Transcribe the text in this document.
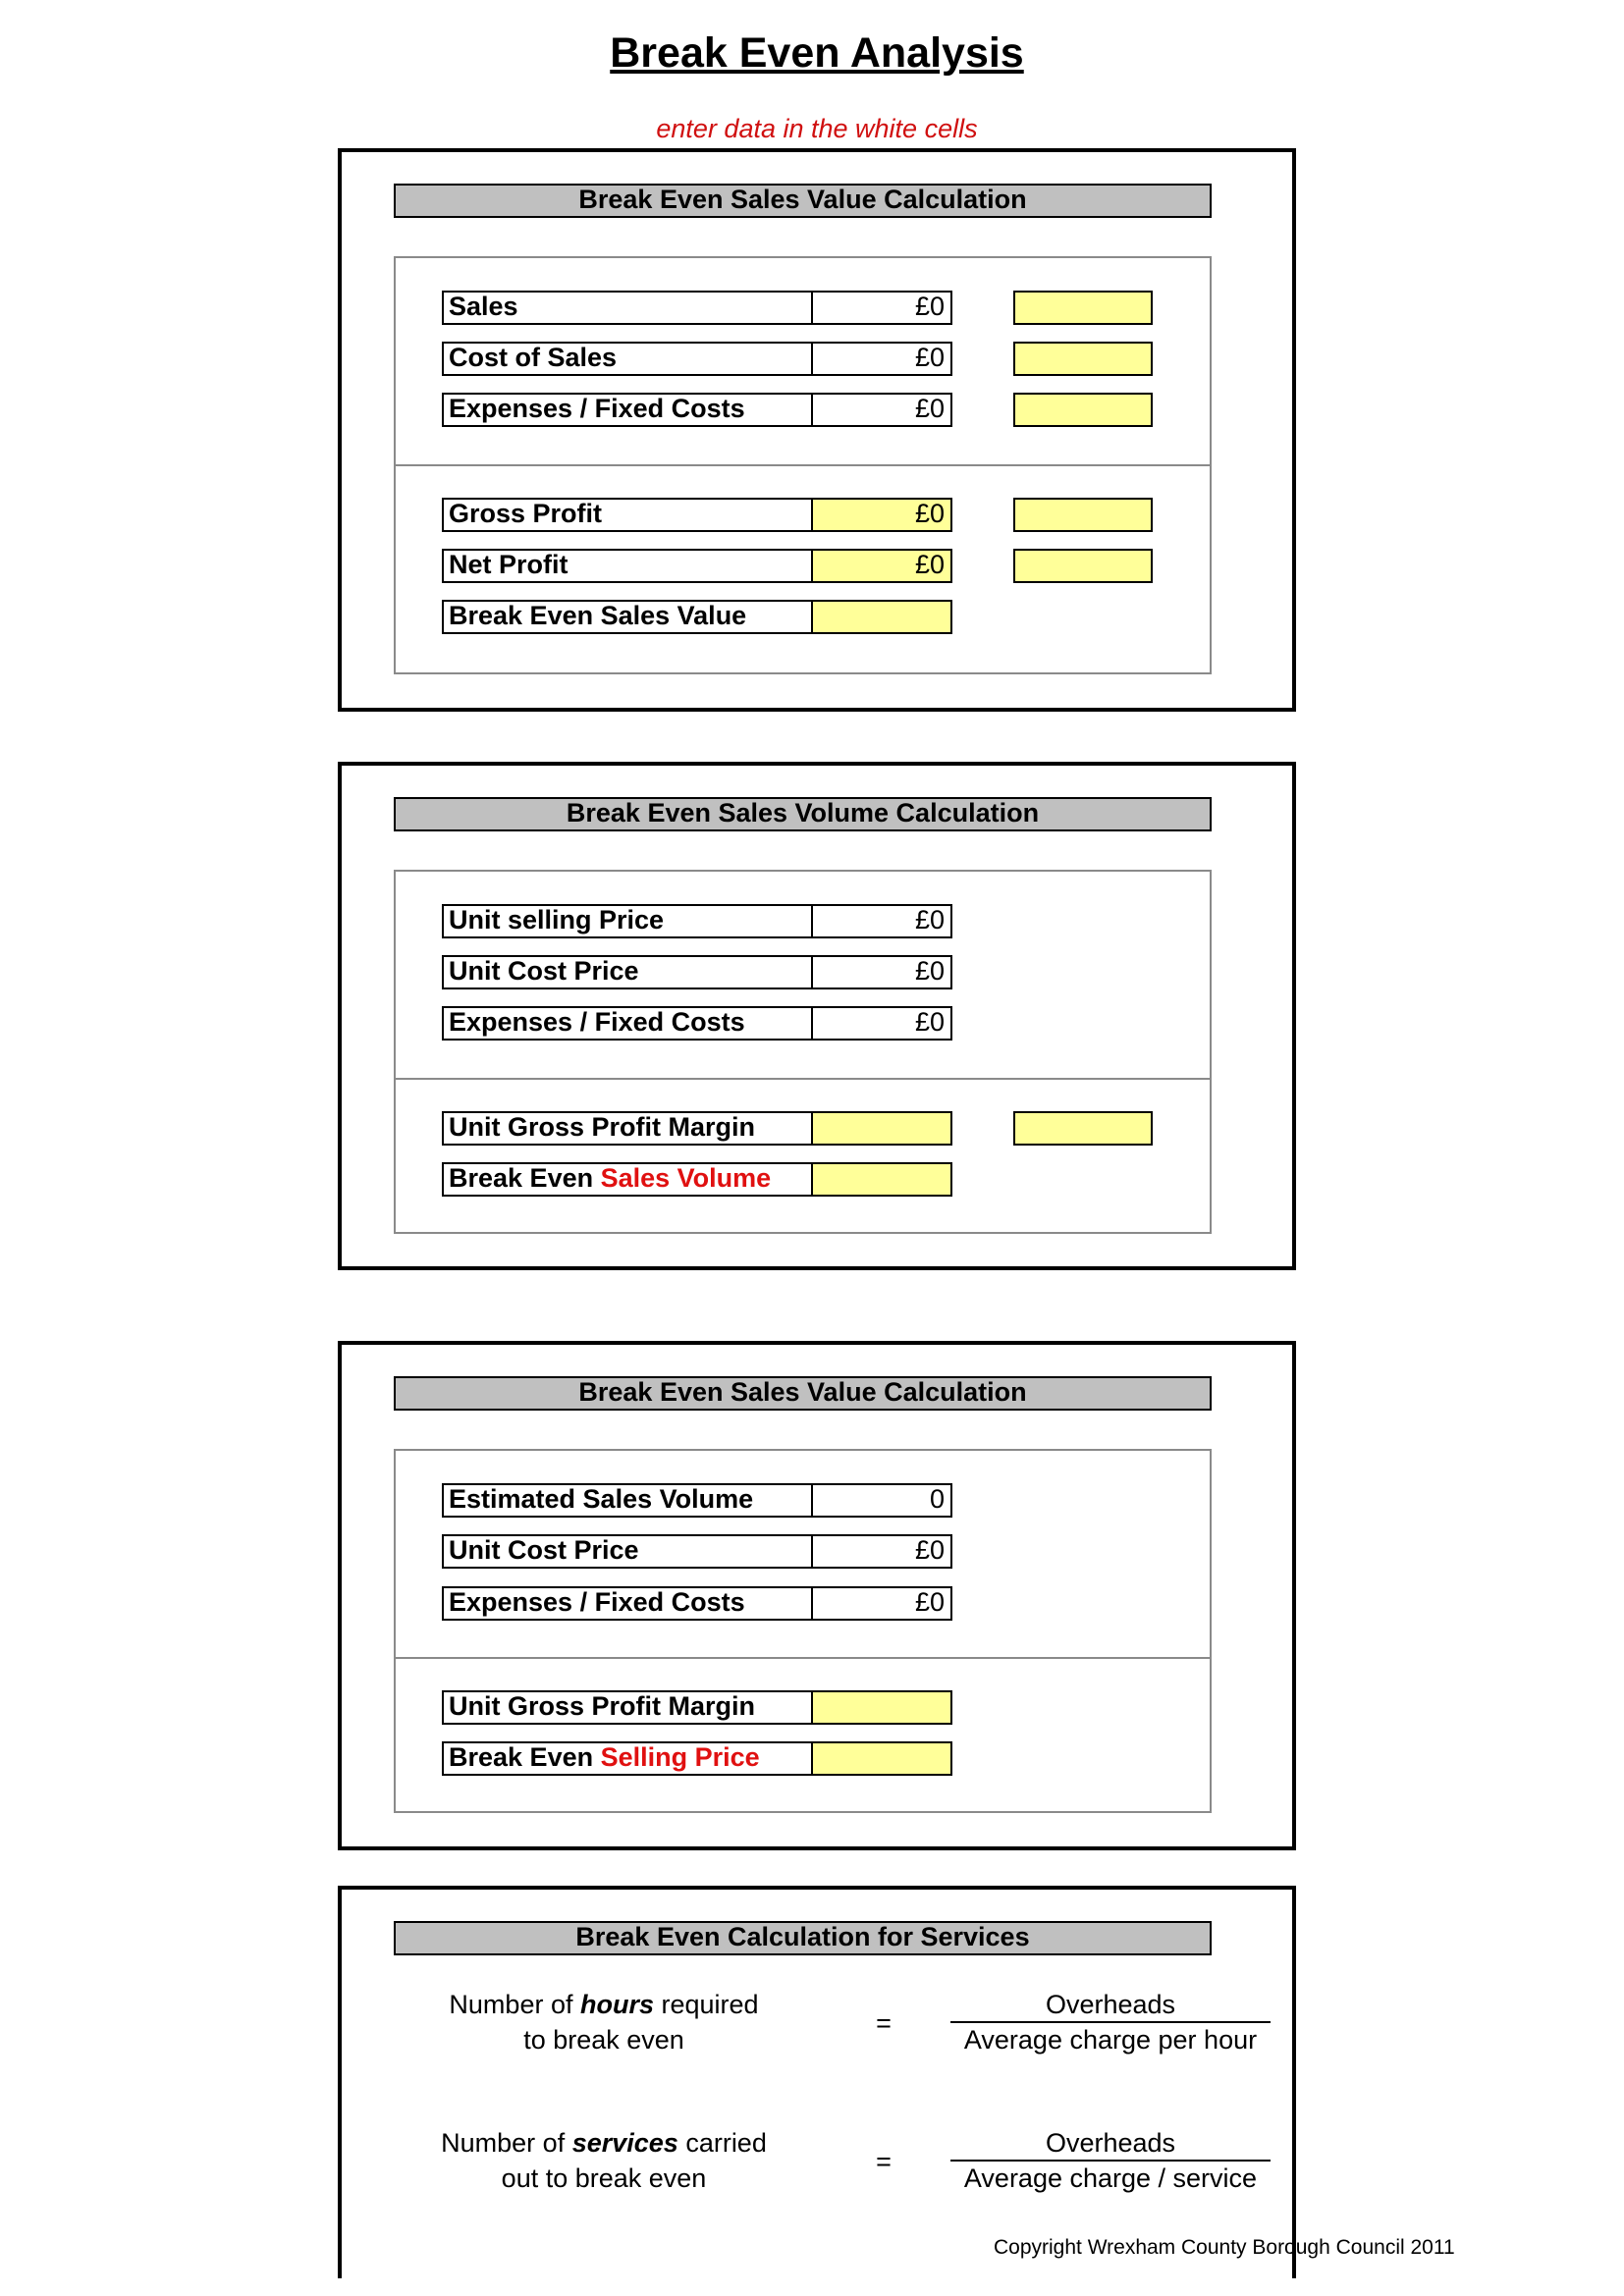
Break Even Analysis
enter data in the white cells
Break Even Sales Value Calculation
Sales	£0
Cost of Sales	£0
Expenses / Fixed Costs	£0
Gross Profit	£0
Net Profit	£0
Break Even Sales Value
Break Even Sales Volume Calculation
Unit selling Price	£0
Unit Cost Price	£0
Expenses / Fixed Costs	£0
Unit Gross Profit Margin
Break Even Sales Volume
Break Even Sales Value Calculation
Estimated Sales Volume	0
Unit Cost Price	£0
Expenses / Fixed Costs	£0
Unit Gross Profit Margin
Break Even Selling Price
Break Even Calculation for Services
Number of hours required
to break even
=
Overheads
Average charge per hour
Number of services carried
out to break even
=
Overheads
Average charge / service
Copyright Wrexham County Borough Council 2011
